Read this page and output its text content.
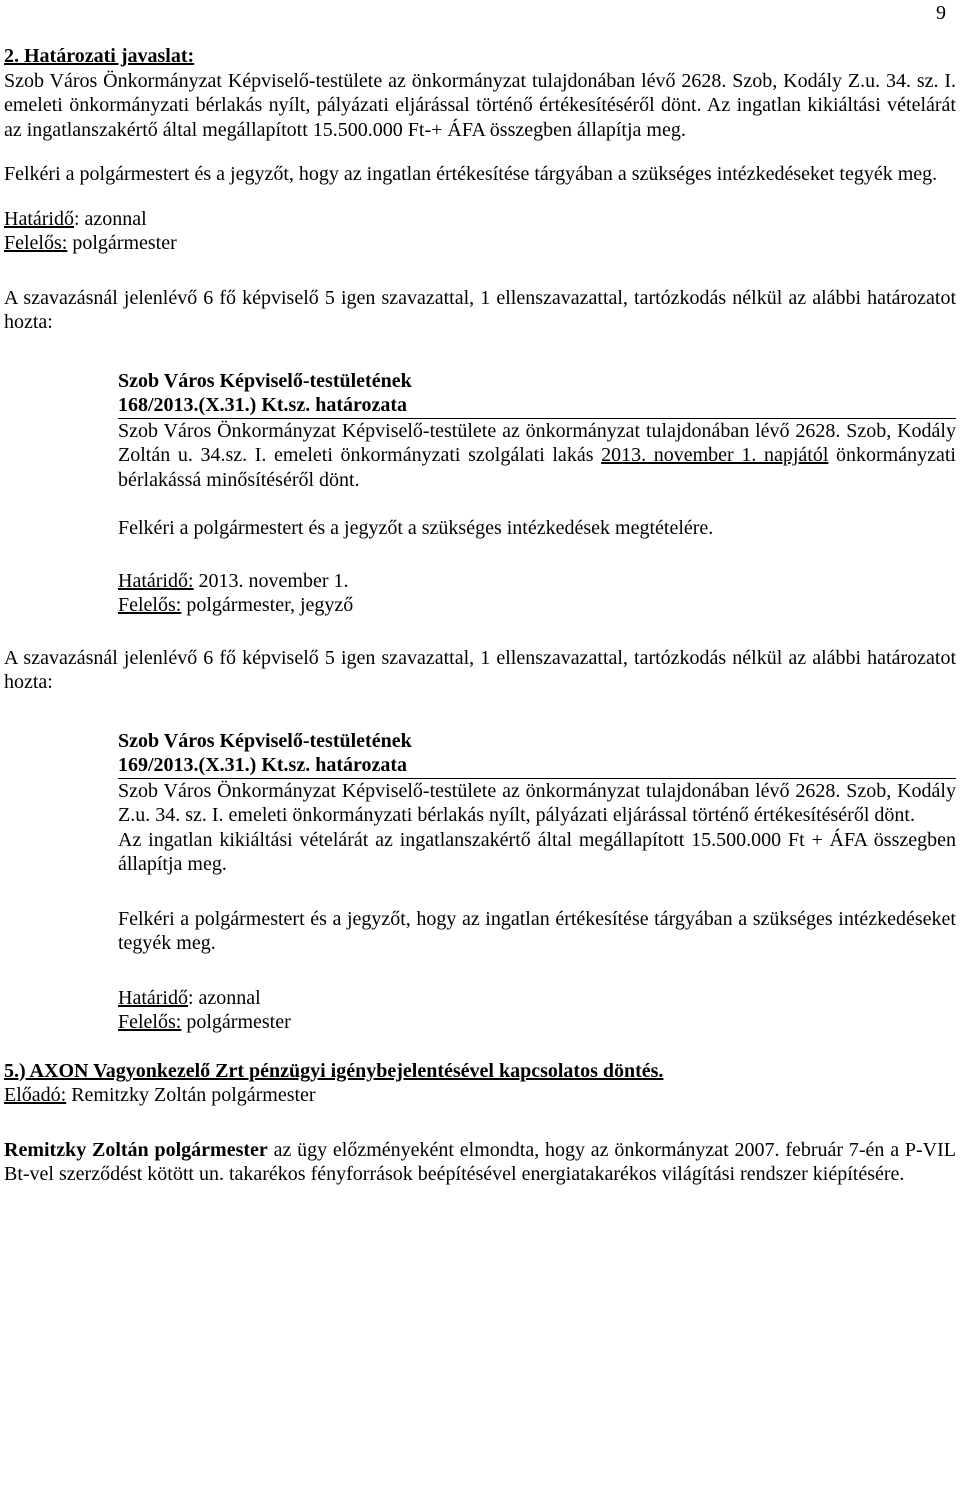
9

2. Határozati javaslat:

Szob Város Önkormányzat Képviselő-testülete az önkormányzat tulajdonában lévő 2628. Szob, Kodály Z.u. 34. sz. I. emeleti önkormányzati bérlakás nyílt, pályázati eljárással történő értékesítéséről dönt. Az ingatlan kikiáltási vételárát az ingatlanszakértő által megállapított 15.500.000 Ft-+ ÁFA összegben állapítja meg.

Felkéri a polgármestert és a jegyzőt, hogy az ingatlan értékesítése tárgyában a szükséges intézkedéseket tegyék meg.

Határidő: azonnal

Felelős: polgármester

A szavazásnál jelenlévő 6 fő képviselő 5 igen szavazattal, 1 ellenszavazattal, tartózkodás nélkül az alábbi határozatot hozta:

Szob Város Képviselő-testületének
168/2013.(X.31.) Kt.sz. határozata

Szob Város Önkormányzat Képviselő-testülete az önkormányzat tulajdonában lévő 2628. Szob, Kodály Zoltán u. 34.sz. I. emeleti önkormányzati szolgálati lakás 2013. november 1. napjától önkormányzati bérlakássá minősítéséről dönt.

Felkéri a polgármestert és a jegyzőt a szükséges intézkedések megtételére.

Határidő: 2013. november 1.

Felelős: polgármester, jegyző

A szavazásnál jelenlévő 6 fő képviselő 5 igen szavazattal, 1 ellenszavazattal, tartózkodás nélkül az alábbi határozatot hozta:

Szob Város Képviselő-testületének
169/2013.(X.31.) Kt.sz. határozata

Szob Város Önkormányzat Képviselő-testülete az önkormányzat tulajdonában lévő 2628. Szob, Kodály Z.u. 34. sz. I. emeleti önkormányzati bérlakás nyílt, pályázati eljárással történő értékesítéséről dönt.

Az ingatlan kikiáltási vételárát az ingatlanszakértő által megállapított 15.500.000 Ft + ÁFA összegben állapítja meg.

Felkéri a polgármestert és a jegyzőt, hogy az ingatlan értékesítése tárgyában a szükséges intézkedéseket tegyék meg.

Határidő: azonnal

Felelős: polgármester

5.) AXON Vagyonkezelő Zrt pénzügyi igénybejelentésével kapcsolatos döntés.

Előadó: Remitzky Zoltán polgármester

Remitzky Zoltán polgármester az ügy előzményeként elmondta, hogy az önkormányzat 2007. február 7-én a P-VIL Bt-vel szerződést kötött un. takarékos fényforrások beépítésével energiatakarékos világítási rendszer kiépítésére.
